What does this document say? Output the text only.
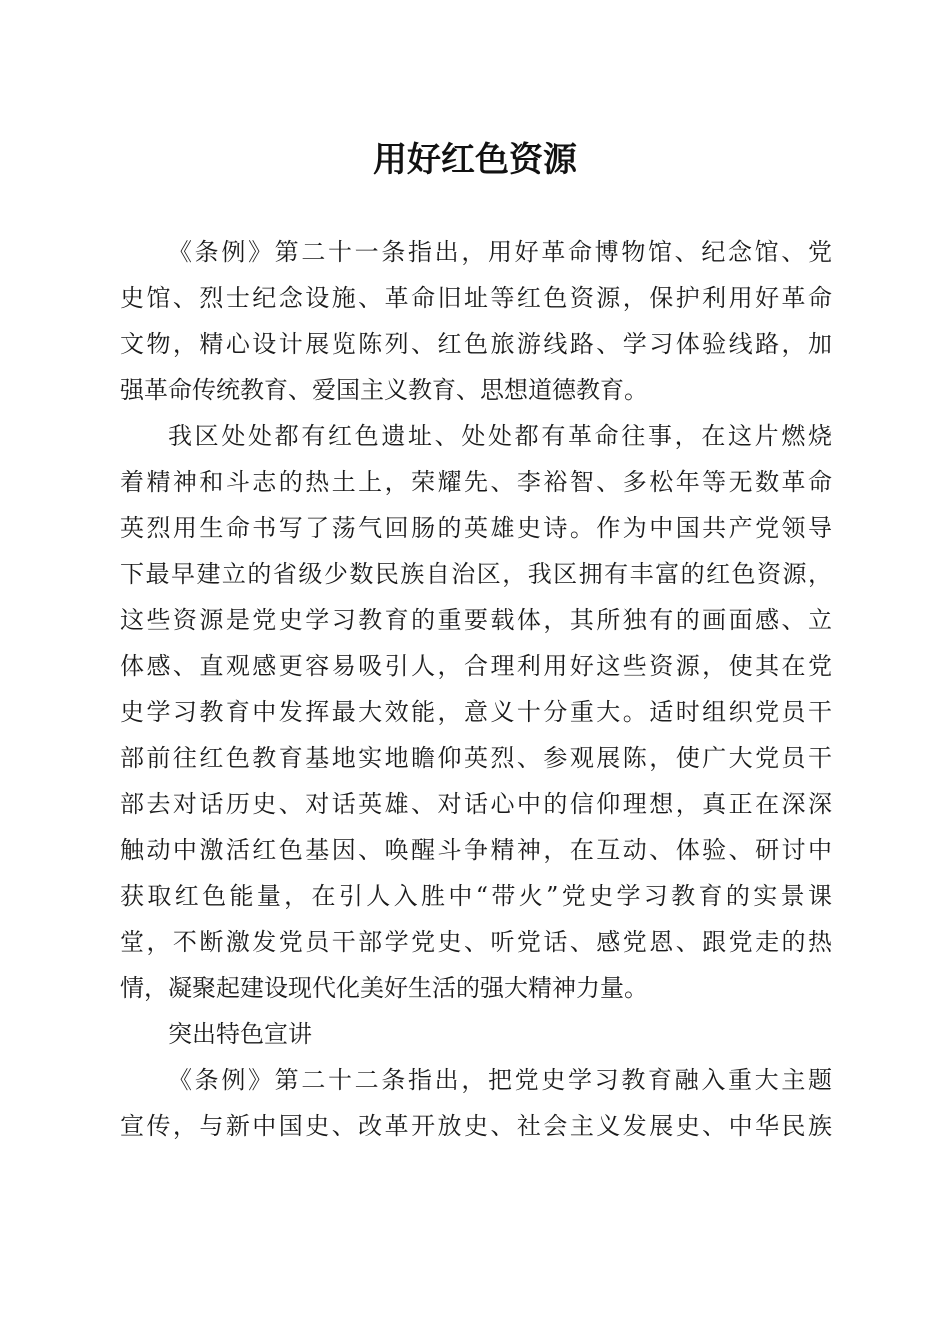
用好红色资源
《条例》第二十一条指出，用好革命博物馆、纪念馆、党
史馆、烈士纪念设施、革命旧址等红色资源，保护利用好革命
文物，精心设计展览陈列、红色旅游线路、学习体验线路，加
强革命传统教育、爱国主义教育、思想道德教育。
我区处处都有红色遗址、处处都有革命往事，在这片燃烧
着精神和斗志的热土上，荣耀先、李裕智、多松年等无数革命
英烈用生命书写了荡气回肠的英雄史诗。作为中国共产党领导
下最早建立的省级少数民族自治区，我区拥有丰富的红色资源，
这些资源是党史学习教育的重要载体，其所独有的画面感、立
体感、直观感更容易吸引人，合理利用好这些资源，使其在党
史学习教育中发挥最大效能，意义十分重大。适时组织党员干
部前往红色教育基地实地瞻仰英烈、参观展陈，使广大党员干
部去对话历史、对话英雄、对话心中的信仰理想，真正在深深
触动中激活红色基因、唤醒斗争精神，在互动、体验、研讨中
获取红色能量，在引人入胜中“带火”党史学习教育的实景课
堂，不断激发党员干部学党史、听党话、感党恩、跟党走的热
情，凝聚起建设现代化美好生活的强大精神力量。
突出特色宣讲
《条例》第二十二条指出，把党史学习教育融入重大主题
宣传，与新中国史、改革开放史、社会主义发展史、中华民族
